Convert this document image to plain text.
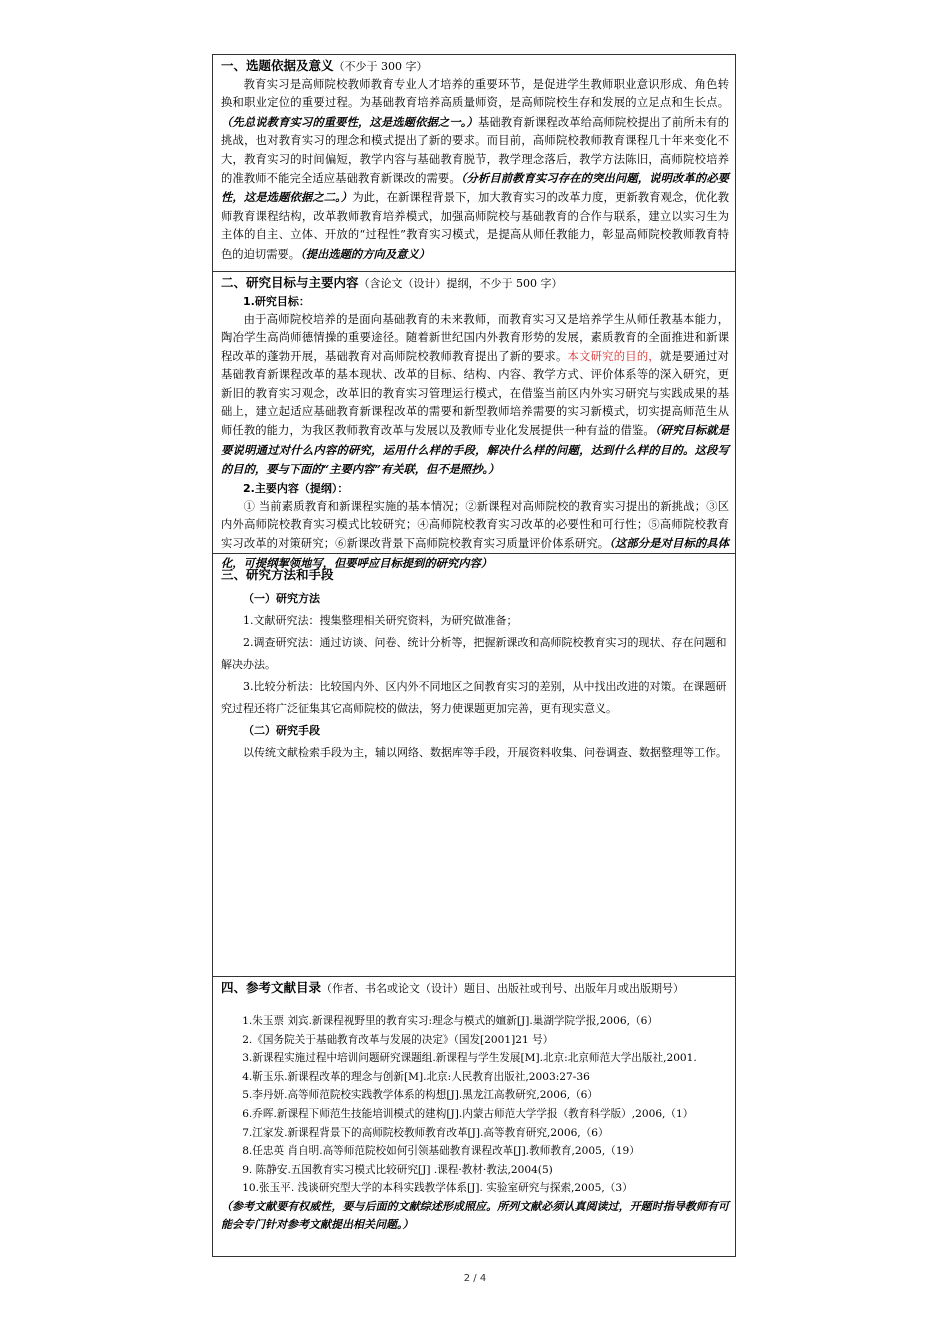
一、选题依据及意义（不少于 300 字）

教育实习是高师院校教师教育专业人才培养的重要环节，是促进学生教师职业意识形成、角色转换和职业定位的重要过程。为基础教育培养高质量师资，是高师院校生存和发展的立足点和生长点。（先总说教育实习的重要性，这是选题依据之一。）基础教育新课程改革给高师院校提出了前所未有的挑战，也对教育实习的理念和模式提出了新的要求。而目前，高师院校教师教育课程几十年来变化不大，教育实习的时间偏短，教学内容与基础教育脱节，教学理念落后，教学方法陈旧，高师院校培养的准教师不能完全适应基础教育新课改的需要。（分析目前教育实习存在的突出问题，说明改革的必要性，这是选题依据之二。）为此，在新课程背景下，加大教育实习的改革力度，更新教育观念，优化教师教育课程结构，改革教师教育培养模式，加强高师院校与基础教育的合作与联系，建立以实习生为主体的自主、立体、开放的“过程性”教育实习模式，是提高从师任教能力，彰显高师院校教师教育特色的迫切需要。（提出选题的方向及意义）

二、研究目标与主要内容（含论文（设计）提纲，不少于 500 字）

1.研究目标：

由于高师院校培养的是面向基础教育的未来教师，而教育实习又是培养学生从师任教基本能力，陶冶学生高尚师德情操的重要途径。随着新世纪国内外教育形势的发展，素质教育的全面推进和新课程改革的蓬勃开展，基础教育对高师院校教师教育提出了新的要求。本文研究的目的，就是要通过对基础教育新课程改革的基本现状、改革的目标、结构、内容、教学方式、评价体系等的深入研究，更新旧的教育实习观念，改革旧的教育实习管理运行模式，在借鉴当前区内外实习研究与实践成果的基础上，建立起适应基础教育新课程改革的需要和新型教师培养需要的实习新模式，切实提高师范生从师任教的能力，为我区教师教育改革与发展以及教师专业化发展提供一种有益的借鉴。（研究目标就是要说明通过对什么内容的研究，运用什么样的手段，解决什么样的问题，达到什么样的目的。这段写的目的，要与下面的“主要内容”有关联，但不是照抄。）

2.主要内容（提纲）：

① 当前素质教育和新课程实施的基本情况；②新课程对高师院校的教育实习提出的新挑战；③区内外高师院校教育实习模式比较研究；④高师院校教育实习改革的必要性和可行性；⑤高师院校教育实习改革的对策研究；⑥新课改背景下高师院校教育实习质量评价体系研究。（这部分是对目标的具体化，可提纲挈领地写，但要呼应目标提到的研究内容）

三、研究方法和手段

（一）研究方法

1.文献研究法：搜集整理相关研究资料，为研究做准备；

2.调查研究法：通过访谈、问卷、统计分析等，把握新课改和高师院校教育实习的现状、存在问题和解决办法。

3.比较分析法：比较国内外、区内外不同地区之间教育实习的差别，从中找出改进的对策。在课题研究过程还将广泛征集其它高师院校的做法，努力使课题更加完善，更有现实意义。

（二）研究手段

以传统文献检索手段为主，辅以网络、数据库等手段，开展资料收集、问卷调查、数据整理等工作。

四、参考文献目录（作者、书名或论文（设计）题目、出版社或刊号、出版年月或出版期号）

1.朱玉票 刘宾.新课程视野里的教育实习:理念与模式的嬗新[J].巢湖学院学报,2006,（6）

2.《国务院关于基础教育改革与发展的决定》（国发[2001]21 号）

3.新课程实施过程中培训问题研究课题组.新课程与学生发展[M].北京:北京师范大学出版社,2001.

4.靳玉乐.新课程改革的理念与创新[M].北京:人民教育出版社,2003:27-36

5.李丹妍.高等师范院校实践教学体系的构想[J].黑龙江高教研究,2006,（6）

6.乔晖.新课程下师范生技能培训模式的建构[J].内蒙古师范大学学报（教育科学版）,2006,（1）

7.江家发.新课程背景下的高师院校教师教育改革[J].高等教育研究,2006,（6）

8.任忠英 肖自明.高等师范院校如何引领基础教育课程改革[J].教师教育,2005,（19）

9. 陈静安.五国教育实习模式比较研究[J] .课程·教材·教法,2004(5)

10.张玉平. 浅谈研究型大学的本科实践教学体系[J]. 实验室研究与探索,2005,（3）

（参考文献要有权威性，要与后面的文献综述形成照应。所列文献必须认真阅读过，开题时指导教师有可能会专门针对参考文献提出相关问题。）

2 / 4
